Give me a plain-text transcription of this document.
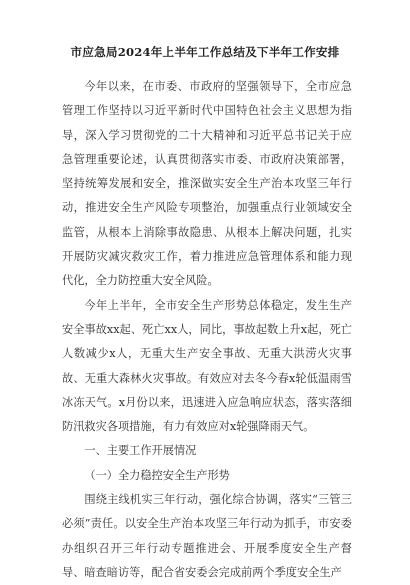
市应急局2024年上半年工作总结及下半年工作安排

今年以来，在市委、市政府的坚强领导下，全市应急管理工作坚持以习近平新时代中国特色社会主义思想为指导，深入学习贯彻党的二十大精神和习近平总书记关于应急管理重要论述，认真贯彻落实市委、市政府决策部署，坚持统筹发展和安全，推深做实安全生产治本攻坚三年行动，推进安全生产风险专项整治，加强重点行业领域安全监管，从根本上消除事故隐患、从根本上解决问题，扎实开展防灾减灾救灾工作，着力推进应急管理体系和能力现代化，全力防控重大安全风险。

今年上半年，全市安全生产形势总体稳定，发生生产安全事故xx起、死亡xx人，同比，事故起数上升x起，死亡人数减少x人，无重大生产安全事故、无重大洪涝火灾事故、无重大森林火灾事故。有效应对去冬今春x轮低温雨雪冰冻天气。x月份以来，迅速进入应急响应状态，落实落细防汛救灾各项措施，有力有效应对x轮强降雨天气。

一、主要工作开展情况

（一）全力稳控安全生产形势

围绕主线机实三年行动，强化综合协调，落实“三管三必须”责任。以安全生产治本攻坚三年行动为抓手，市安委办组织召开三年行动专题推进会、开展季度安全生产督导、暗查暗访等，配合省安委会完成前两个季度安全生产
